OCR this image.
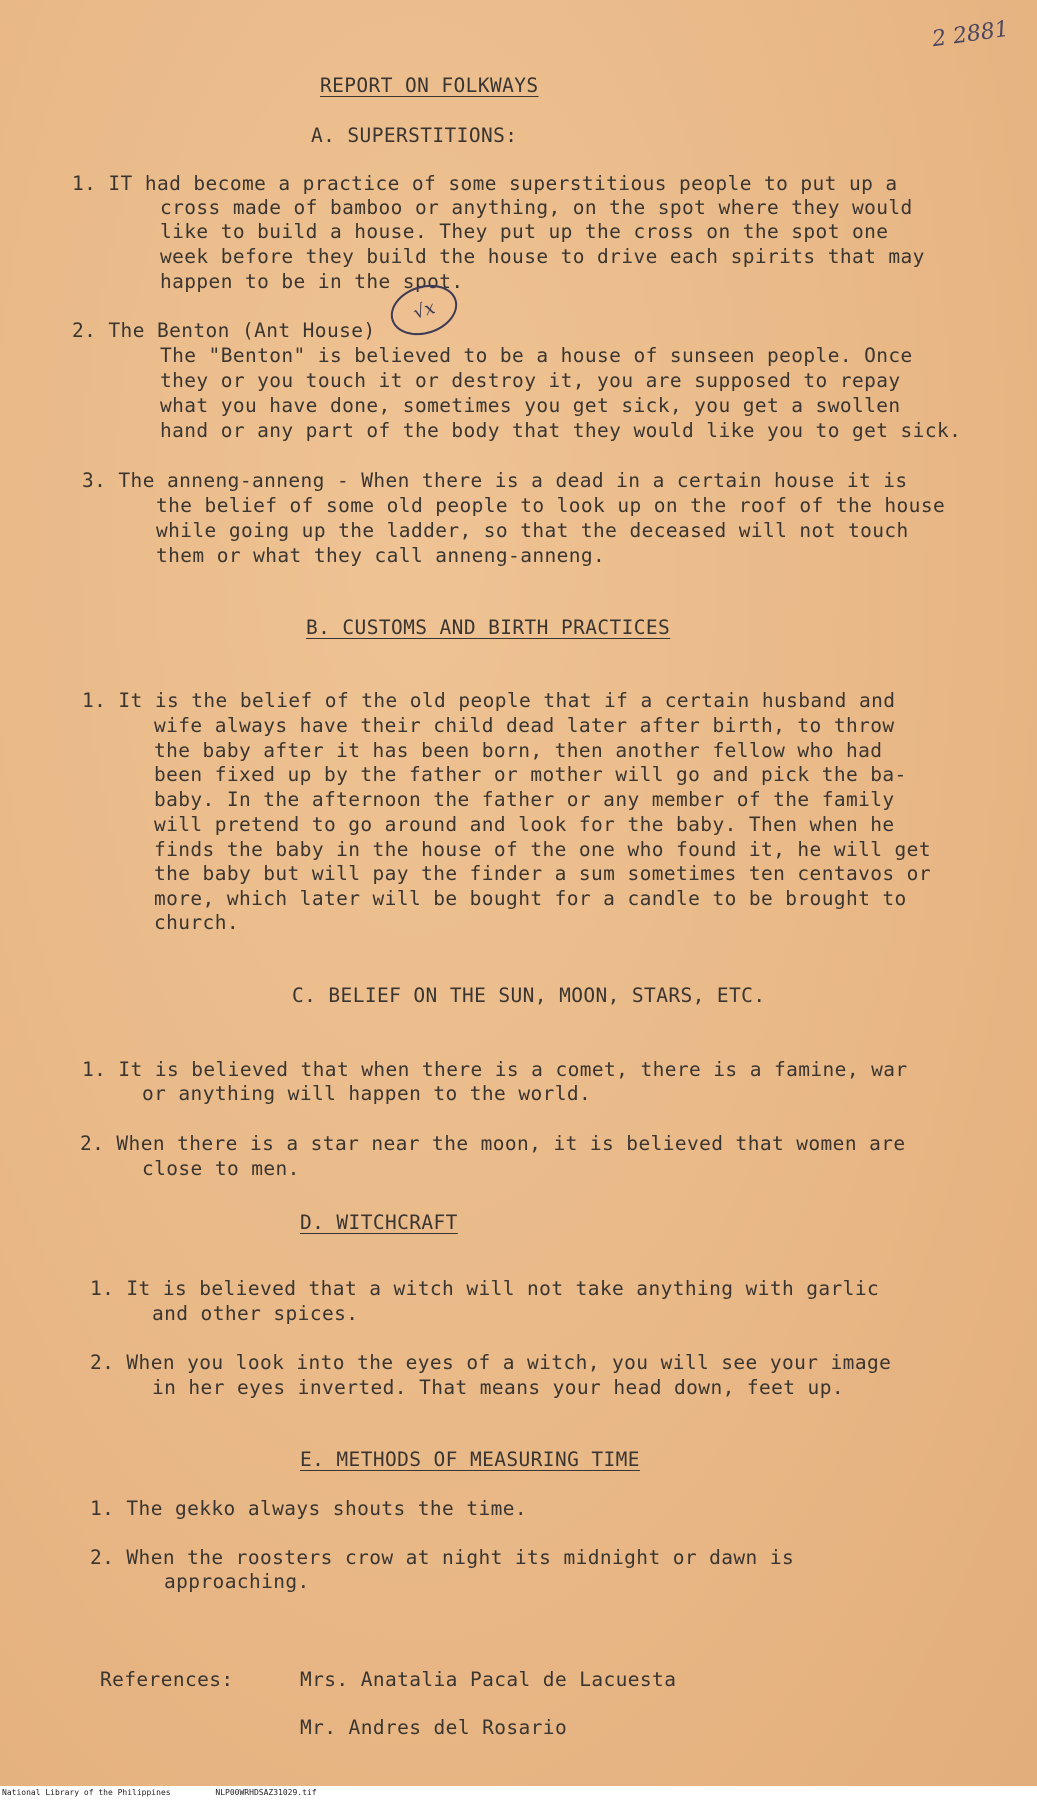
2 2881
REPORT ON FOLKWAYS
A. SUPERSTITIONS:
1. IT had become a practice of some superstitious people to put up a
cross made of bamboo or anything, on the spot where they would
like to build a house. They put up the cross on the spot one
week before they build the house to drive each spirits that may
happen to be in the spot.
√x
2. The Benton (Ant House)
The "Benton" is believed to be a house of sunseen people. Once
they or you touch it or destroy it, you are supposed to repay
what you have done, sometimes you get sick, you get a swollen
hand or any part of the body that they would like you to get sick.
3. The anneng-anneng - When there is a dead in a certain house it is
the belief of some old people to look up on the roof of the house
while going up the ladder, so that the deceased will not touch
them or what they call anneng-anneng.
B. CUSTOMS AND BIRTH PRACTICES
1. It is the belief of the old people that if a certain husband and
wife always have their child dead later after birth, to throw
the baby after it has been born, then another fellow who had
been fixed up by the father or mother will go and pick the ba-
baby. In the afternoon the father or any member of the family
will pretend to go around and look for the baby. Then when he
finds the baby in the house of the one who found it, he will get
the baby but will pay the finder a sum sometimes ten centavos or
more, which later will be bought for a candle to be brought to
church.
C. BELIEF ON THE SUN, MOON, STARS, ETC.
1. It is believed that when there is a comet, there is a famine, war
or anything will happen to the world.
2. When there is a star near the moon, it is believed that women are
close to men.
D. WITCHCRAFT
1. It is believed that a witch will not take anything with garlic
and other spices.
2. When you look into the eyes of a witch, you will see your image
in her eyes inverted. That means your head down, feet up.
E. METHODS OF MEASURING TIME
1. The gekko always shouts the time.
2. When the roosters crow at night its midnight or dawn is
approaching.
References:	Mrs. Anatalia Pacal de Lacuesta
Mr. Andres del Rosario
National Library of the Philippines	NLP00WRHDSAZ31029.tif
